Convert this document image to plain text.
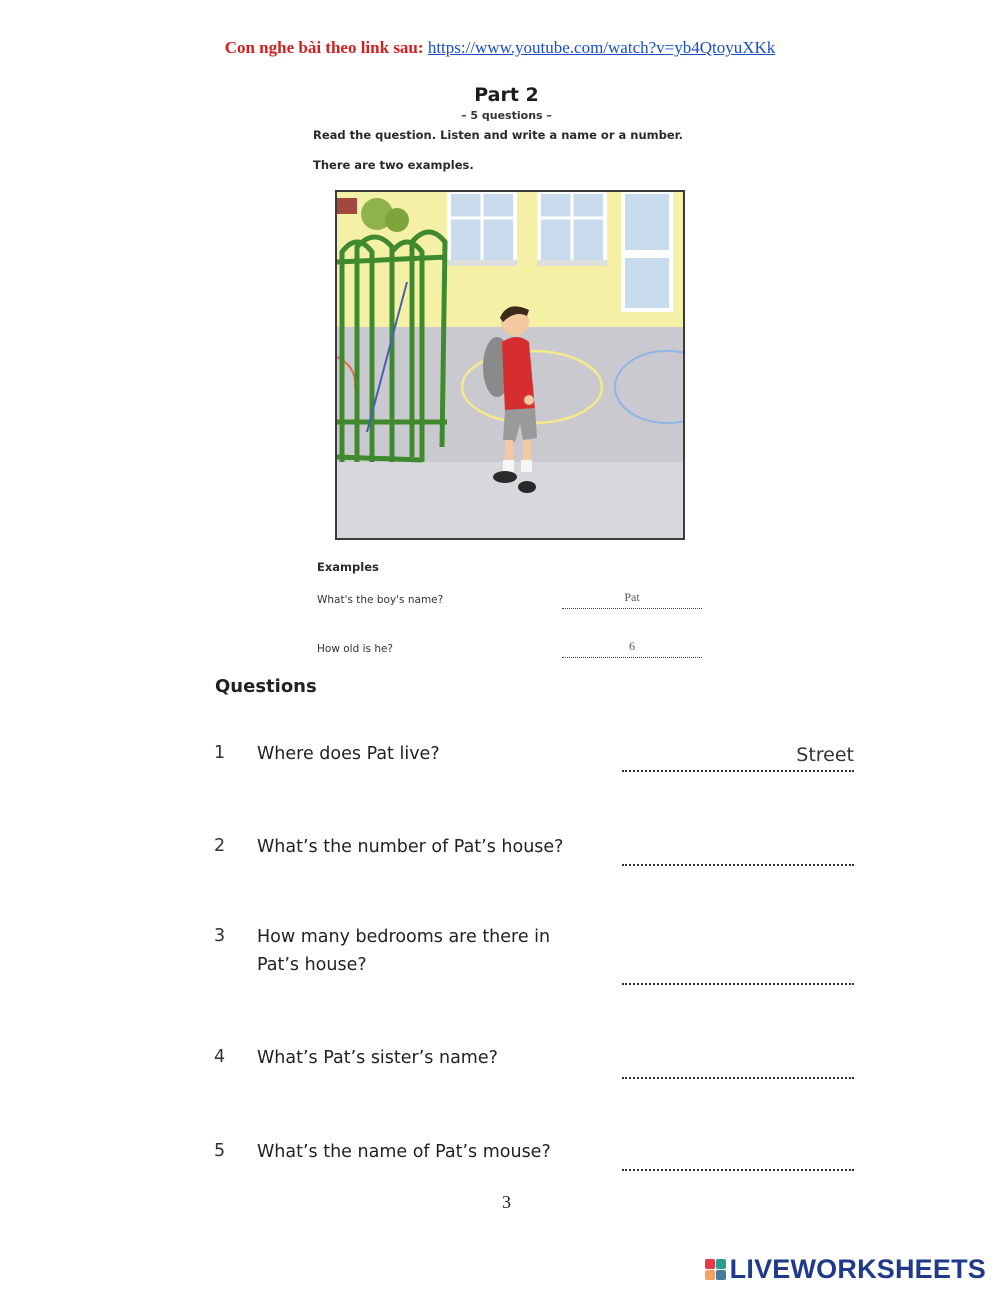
Con nghe bài theo link sau: https://www.youtube.com/watch?v=yb4QtoyuXKk
Part 2
– 5 questions –
Read the question. Listen and write a name or a number.
There are two examples.
Examples
What's the boy's name?	Pat
How old is he?	6
Questions
1 Where does Pat live?	Street
2 What’s the number of Pat’s house?
3 How many bedrooms are there in Pat’s house?
4 What’s Pat’s sister’s name?
5 What’s the name of Pat’s mouse?
3
LIVEWORKSHEETS
